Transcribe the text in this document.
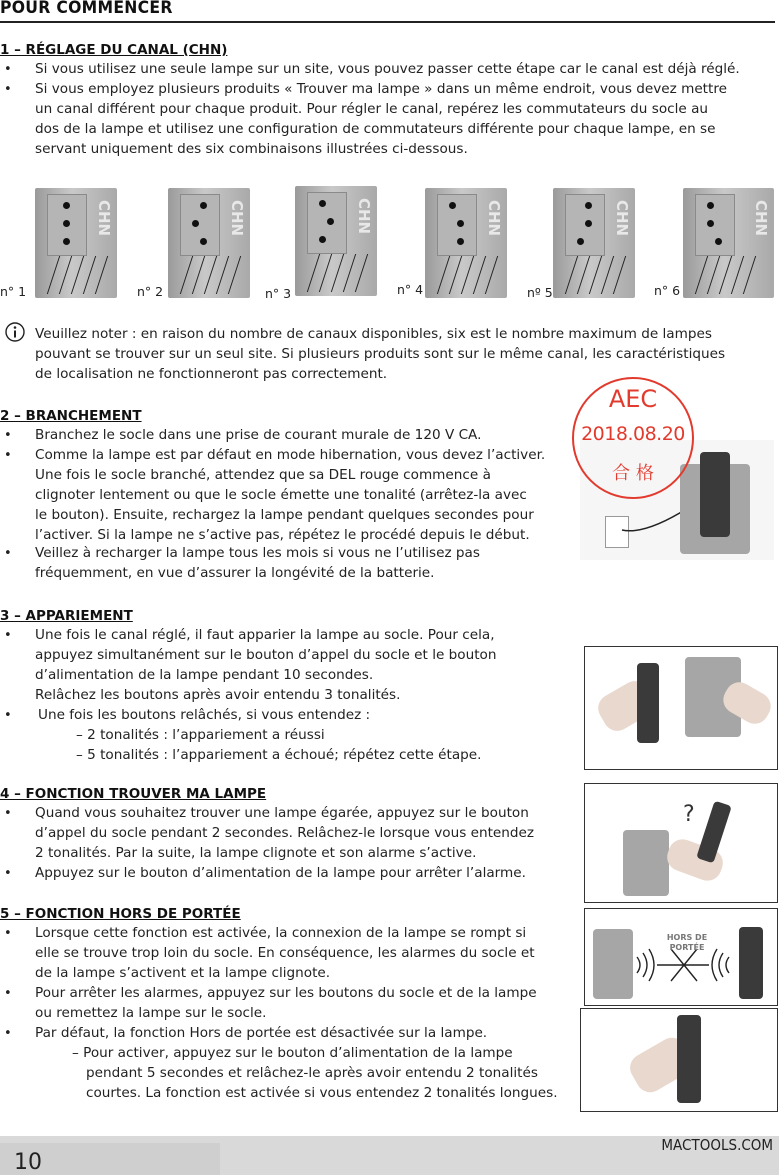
POUR COMMENCER
1 – RÉGLAGE DU CANAL (CHN)
• Si vous utilisez une seule lampe sur un site, vous pouvez passer cette étape car le canal est déjà réglé.
• Si vous employez plusieurs produits « Trouver ma lampe » dans un même endroit, vous devez mettre
un canal différent pour chaque produit. Pour régler le canal, repérez les commutateurs du socle au
dos de la lampe et utilisez une configuration de commutateurs différente pour chaque lampe, en se
servant uniquement des six combinaisons illustrées ci-dessous.
CHN	CHN	CHN	CHN	CHN	CHN
n° 1	n° 2	n° 3	n° 4	nº 5	n° 6
Veuillez noter : en raison du nombre de canaux disponibles, six est le nombre maximum de lampes
pouvant se trouver sur un seul site. Si plusieurs produits sont sur le même canal, les caractéristiques
de localisation ne fonctionneront pas correctement.
2 – BRANCHEMENT
• Branchez le socle dans une prise de courant murale de 120 V CA.
• Comme la lampe est par défaut en mode hibernation, vous devez l’activer.
Une fois le socle branché, attendez que sa DEL rouge commence à
clignoter lentement ou que le socle émette une tonalité (arrêtez-la avec
le bouton). Ensuite, rechargez la lampe pendant quelques secondes pour
l’activer. Si la lampe ne s’active pas, répétez le procédé depuis le début.
• Veillez à recharger la lampe tous les mois si vous ne l’utilisez pas
fréquemment, en vue d’assurer la longévité de la batterie.
AEC
2018.08.20
合 格
3 – APPARIEMENT
• Une fois le canal réglé, il faut apparier la lampe au socle. Pour cela,
appuyez simultanément sur le bouton d’appel du socle et le bouton
d’alimentation de la lampe pendant 10 secondes.
Relâchez les boutons après avoir entendu 3 tonalités.
• Une fois les boutons relâchés, si vous entendez :
– 2 tonalités : l’appariement a réussi
– 5 tonalités : l’appariement a échoué; répétez cette étape.
4 – FONCTION TROUVER MA LAMPE
• Quand vous souhaitez trouver une lampe égarée, appuyez sur le bouton
d’appel du socle pendant 2 secondes. Relâchez-le lorsque vous entendez
2 tonalités. Par la suite, la lampe clignote et son alarme s’active.
• Appuyez sur le bouton d’alimentation de la lampe pour arrêter l’alarme.
?
5 – FONCTION HORS DE PORTÉE
• Lorsque cette fonction est activée, la connexion de la lampe se rompt si
elle se trouve trop loin du socle. En conséquence, les alarmes du socle et
de la lampe s’activent et la lampe clignote.
• Pour arrêter les alarmes, appuyez sur les boutons du socle et de la lampe
ou remettez la lampe sur le socle.
• Par défaut, la fonction Hors de portée est désactivée sur la lampe.
– Pour activer, appuyez sur le bouton d’alimentation de la lampe
pendant 5 secondes et relâchez-le après avoir entendu 2 tonalités
courtes. La fonction est activée si vous entendez 2 tonalités longues.
HORS DE
PORTÉE
10
MACTOOLS.COM
